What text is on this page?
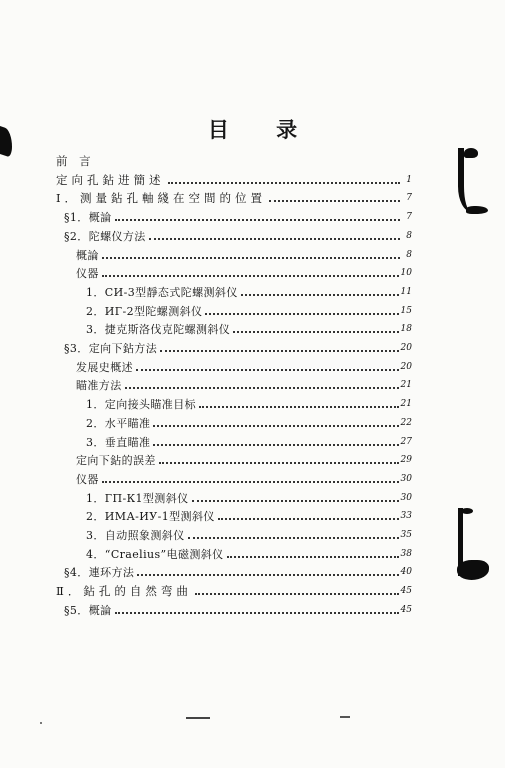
目 录
前 言
定向孔鉆进簡述	1
Ⅰ．测量鉆孔軸綫在空間的位置	7
§1．概論	7
§2．陀螺仪方法	8
概論	8
仪器	10
1．СИ-3型靜态式陀螺测斜仪	11
2．ИГ-2型陀螺测斜仪	15
3．捷克斯洛伐克陀螺测斜仪	18
§3．定向下鉆方法	20
发展史概述	20
瞄准方法	21
1．定向接头瞄准目标	21
2．水平瞄准	22
3．垂直瞄准	27
定向下鉆的誤差	29
仪器	30
1．ГП-К1型测斜仪	30
2．ИМА-ИУ-1型测斜仪	33
3．自动照象测斜仪	35
4．“Craelius”电磁测斜仪	38
§4．連环方法	40
Ⅱ．鉆孔的自然弯曲	45
§5．概論	45
